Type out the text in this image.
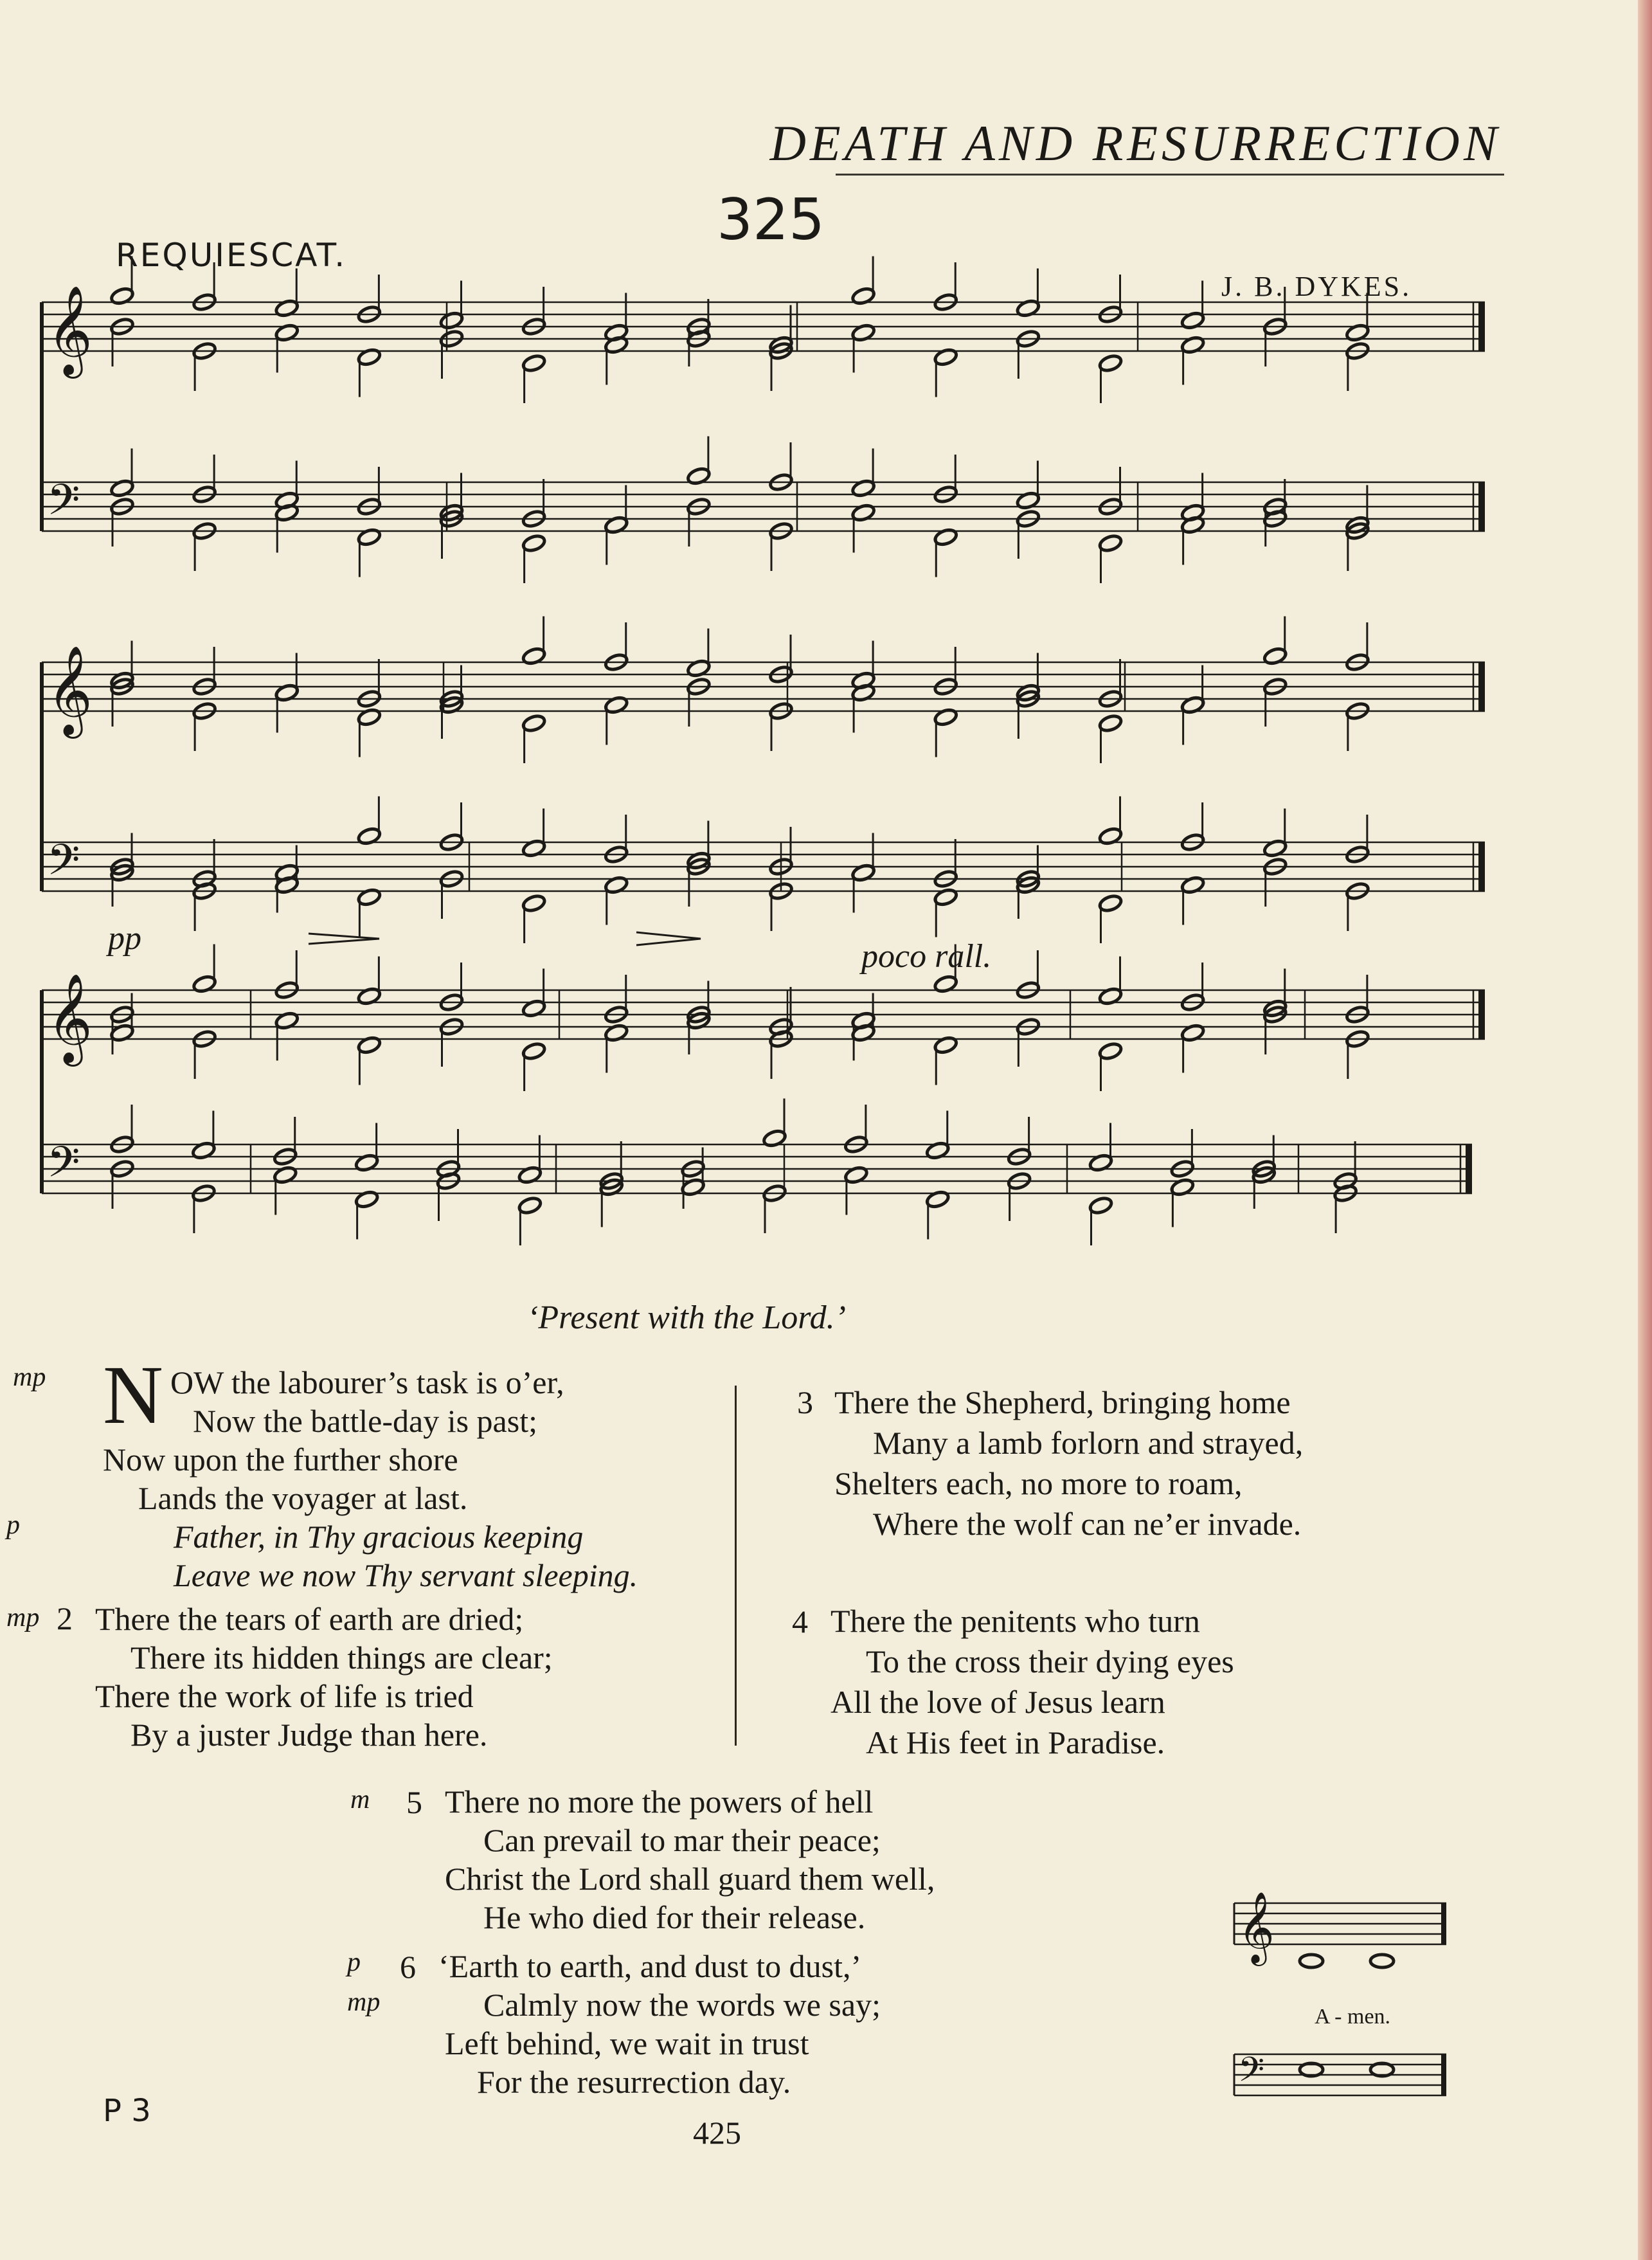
DEATH AND RESURRECTION
325
REQUIESCAT.
J. B. DYKES.
𝄞
𝄢
𝄞
𝄢
𝄞
𝄢
𝄞
𝄢
pp	poco rall.
‘Present with the Lord.’
mp
p
N OW the labourer’s task is o’er,
Now the battle-day is past;
Now upon the further shore
Lands the voyager at last.
Father, in Thy gracious keeping
Leave we now Thy servant sleeping.
mp 2 There the tears of earth are dried;
There its hidden things are clear;
There the work of life is tried
By a juster Judge than here.
3 There the Shepherd, bringing home
Many a lamb forlorn and strayed,
Shelters each, no more to roam,
Where the wolf can ne’er invade.
4 There the penitents who turn
To the cross their dying eyes
All the love of Jesus learn
At His feet in Paradise.
m 5 There no more the powers of hell
Can prevail to mar their peace;
Christ the Lord shall guard them well,
He who died for their release.
p
mp
6 ‘Earth to earth, and dust to dust,’
Calmly now the words we say;
Left behind, we wait in trust
For the resurrection day.
A - men.
P 3
425
